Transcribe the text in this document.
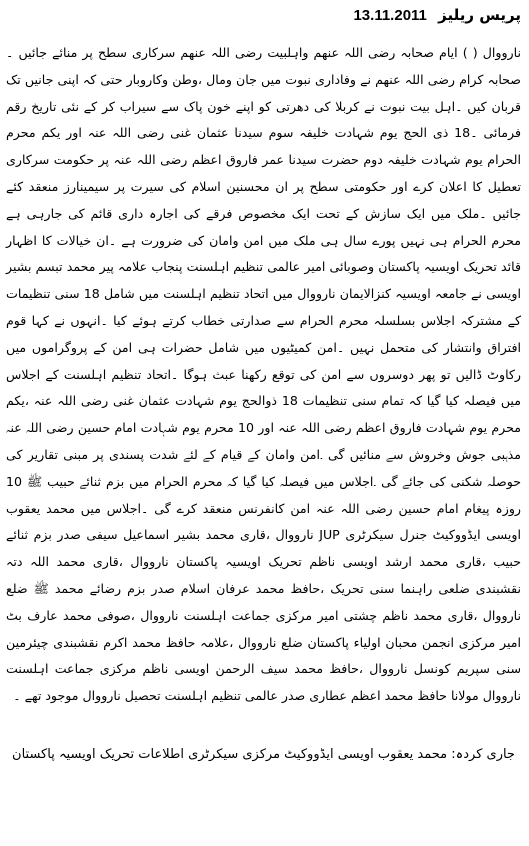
پریس ریلیز 13.11.2011

نارووال ( ) ایام صحابہ رضی اللہ عنھم واہلبیت رضی اللہ عنھم سرکاری سطح پر منائے جائیں ۔صحابہ کرام رضی اللہ عنھم نے وفاداری نبوت میں جان ومال ،وطن وکاروبار حتی کہ اپنی جانیں تک قربان کیں ۔اہل بیت نبوت نے کربلا کی دھرتی کو اپنے خون پاک سے سیراب کر کے نئی تاریخ رقم فرمائی ۔18 ذی الحج یوم شہادت خلیفہ سوم سیدنا عثمان غنی رضی اللہ عنہ اور یکم محرم الحرام یوم شہادت خلیفہ دوم حضرت سیدنا عمر فاروق اعظم رضی اللہ عنہ پر حکومت سرکاری تعطیل کا اعلان کرے اور حکومتی سطح پر ان محسنین اسلام کی سیرت پر سیمینارز منعقد کئے جائیں ۔ملک میں ایک سازش کے تحت ایک مخصوص فرقے کی اجارہ داری قائم کی جارہی ہے محرم الحرام ہی نہیں پورے سال ہی ملک میں امن وامان کی ضرورت ہے ۔ان خیالات کا اظہار قائد تحریک اویسیہ پاکستان وصوبائی امیر عالمی تنظیم اہلسنت پنجاب علامہ پیر محمد تبسم بشیر اویسی نے جامعہ اویسیہ کنزالایمان نارووال میں اتحاد تنظیم اہلسنت میں شامل 18 سنی تنظیمات کے مشترکہ اجلاس بسلسلہ محرم الحرام سے صدارتی خطاب کرتے ہوئے کیا ۔انہوں نے کہا قوم افتراق وانتشار کی متحمل نہیں ۔امن کمیٹیوں میں شامل حضرات ہی امن کے پروگراموں میں رکاوٹ ڈالیں تو پھر دوسروں سے امن کی توقع رکھنا عبث ہوگا ۔اتحاد تنظیم اہلسنت کے اجلاس میں فیصلہ کیا گیا کہ تمام سنی تنظیمات 18 ذوالحج یوم شہادت عثمان غنی رضی اللہ عنہ ،یکم محرم یوم شہادت فاروق اعظم رضی اللہ عنہ اور 10 محرم یوم شہادت امام حسین رضی اللہ عنہ مذہبی جوش وخروش سے منائیں گی ۔امن وامان کے قیام کے لئے شدت پسندی پر مبنی تقاریر کی حوصلہ شکنی کی جائے گی ۔اجلاس میں فیصلہ کیا گیا کہ محرم الحرام میں بزم ثنائے حبیب ﷺ 10 روزہ پیغام امام حسین رضی اللہ عنہ امن کانفرنس منعقد کرے گی ۔اجلاس میں محمد یعقوب اویسی ایڈووکیٹ جنرل سیکرٹری JUP نارووال ،قاری محمد بشیر اسماعیل سیفی صدر بزم ثنائے حبیب ،قاری محمد ارشد اویسی ناظم تحریک اویسیہ پاکستان نارووال ،قاری محمد اللہ دتہ نقشبندی ضلعی راہنما سنی تحریک ،حافظ محمد عرفان اسلام صدر بزم رضائے محمد ﷺ ضلع نارووال ،قاری محمد ناظم چشتی امیر مرکزی جماعت اہلسنت نارووال ،صوفی محمد عارف بٹ امیر مرکزی انجمن محبان اولیاء پاکستان ضلع نارووال ،علامہ حافظ محمد اکرم نقشبندی چیئرمین سنی سپریم کونسل نارووال ،حافظ محمد سیف الرحمن اویسی ناظم مرکزی جماعت اہلسنت نارووال مولانا حافظ محمد اعظم عطاری صدر عالمی تنظیم اہلسنت تحصیل نارووال موجود تھے ۔

جاری کردہ: محمد یعقوب اویسی ایڈووکیٹ مرکزی سیکرٹری اطلاعات تحریک اویسیہ پاکستان
